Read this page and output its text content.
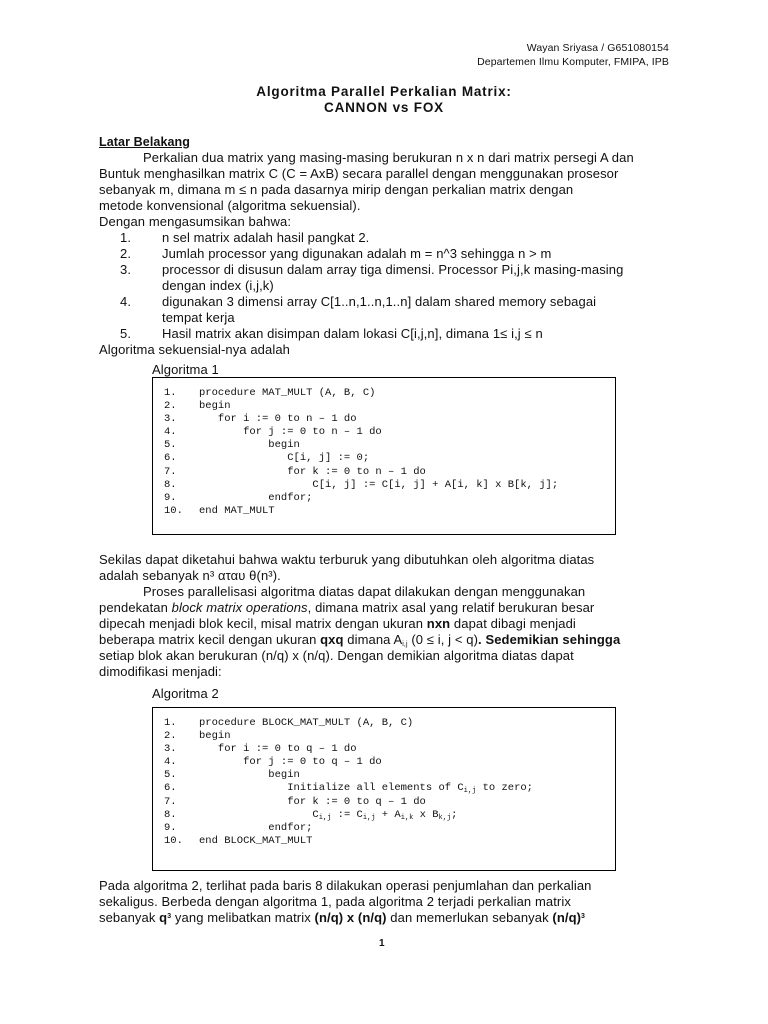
Wayan Sriyasa / G651080154
Departemen Ilmu Komputer, FMIPA, IPB
Algoritma Parallel Perkalian Matrix:
CANNON vs FOX
Latar Belakang
Perkalian dua matrix yang masing-masing berukuran n x n dari matrix persegi A dan
Buntuk menghasilkan matrix C (C = AxB) secara parallel dengan menggunakan prosesor
sebanyak m, dimana m ≤ n pada dasarnya mirip dengan perkalian matrix dengan
metode konvensional (algoritma sekuensial).
Dengan mengasumsikan bahwa:
1. n sel matrix adalah hasil pangkat 2.
2. Jumlah processor yang digunakan adalah m = n^3 sehingga n > m
3. processor di disusun dalam array tiga dimensi. Processor Pi,j,k masing-masing
dengan index (i,j,k)
4. digunakan 3 dimensi array C[1..n,1..n,1..n] dalam shared memory sebagai
tempat kerja
5. Hasil matrix akan disimpan dalam lokasi C[i,j,n], dimana 1≤ i,j ≤ n
Algoritma sekuensial-nya adalah
Algoritma 1
1. procedure MAT_MULT (A, B, C)
2. begin
3.   for i := 0 to n – 1 do
4.       for j := 0 to n – 1 do
5.           begin
6.              C[i, j] := 0;
7.              for k := 0 to n – 1 do
8.                  C[i, j] := C[i, j] + A[i, k] x B[k, j];
9.           endfor;
10. end MAT_MULT
Sekilas dapat diketahui bahwa waktu terburuk yang dibutuhkan oleh algoritma diatas
adalah sebanyak n³ αταυ θ(n³).
Proses parallelisasi algoritma diatas dapat dilakukan dengan menggunakan
pendekatan block matrix operations, dimana matrix asal yang relatif berukuran besar
dipecah menjadi blok kecil, misal matrix dengan ukuran nxn dapat dibagi menjadi
beberapa matrix kecil dengan ukuran qxq dimana $A_{i,j}$ (0 ≤ i, j < q). Sedemikian sehingga
setiap blok akan berukuran (n/q) x (n/q). Dengan demikian algoritma diatas dapat
dimodifikasi menjadi:
Algoritma 2
1. procedure BLOCK_MAT_MULT (A, B, C)
2. begin
3.   for i := 0 to q – 1 do
4.       for j := 0 to q – 1 do
5.           begin
6.              Initialize all elements of $C_{i,j}$ to zero;
7.              for k := 0 to q – 1 do
8.                  $C_{i,j}$ := $C_{i,j} + A_{i,k}$ x $B_{k,j}$;
9.           endfor;
10. end BLOCK_MAT_MULT
Pada algoritma 2, terlihat pada baris 8 dilakukan operasi penjumlahan dan perkalian
sekaligus. Berbeda dengan algoritma 1, pada algoritma 2 terjadi perkalian matrix
sebanyak $q^3$ yang melibatkan matrix (n/q) x (n/q) dan memerlukan sebanyak $(n/q)^3$
1
